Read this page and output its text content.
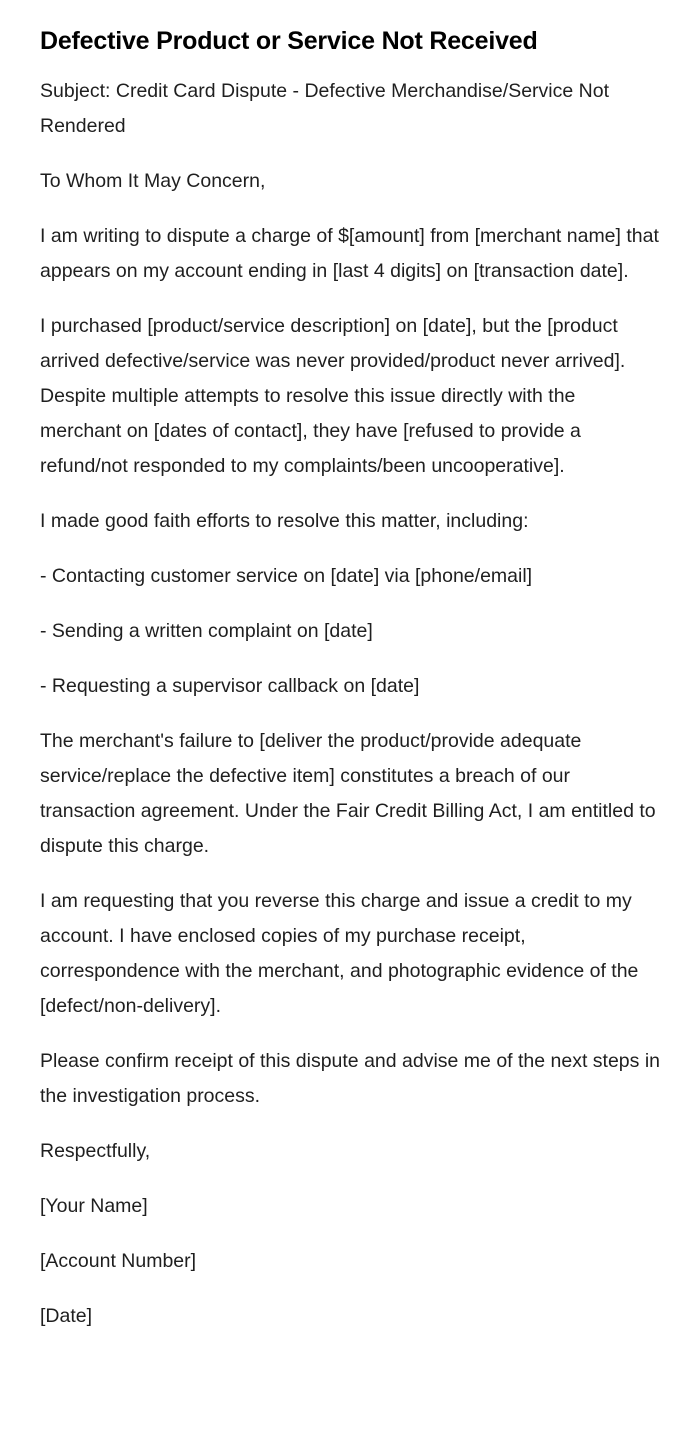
Defective Product or Service Not Received

Subject: Credit Card Dispute - Defective Merchandise/Service Not Rendered

To Whom It May Concern,

I am writing to dispute a charge of $[amount] from [merchant name] that appears on my account ending in [last 4 digits] on [transaction date].

I purchased [product/service description] on [date], but the [product arrived defective/service was never provided/product never arrived]. Despite multiple attempts to resolve this issue directly with the merchant on [dates of contact], they have [refused to provide a refund/not responded to my complaints/been uncooperative].

I made good faith efforts to resolve this matter, including:

- Contacting customer service on [date] via [phone/email]

- Sending a written complaint on [date]

- Requesting a supervisor callback on [date]

The merchant's failure to [deliver the product/provide adequate service/replace the defective item] constitutes a breach of our transaction agreement. Under the Fair Credit Billing Act, I am entitled to dispute this charge.

I am requesting that you reverse this charge and issue a credit to my account. I have enclosed copies of my purchase receipt, correspondence with the merchant, and photographic evidence of the [defect/non-delivery].

Please confirm receipt of this dispute and advise me of the next steps in the investigation process.

Respectfully,

[Your Name]

[Account Number]

[Date]
